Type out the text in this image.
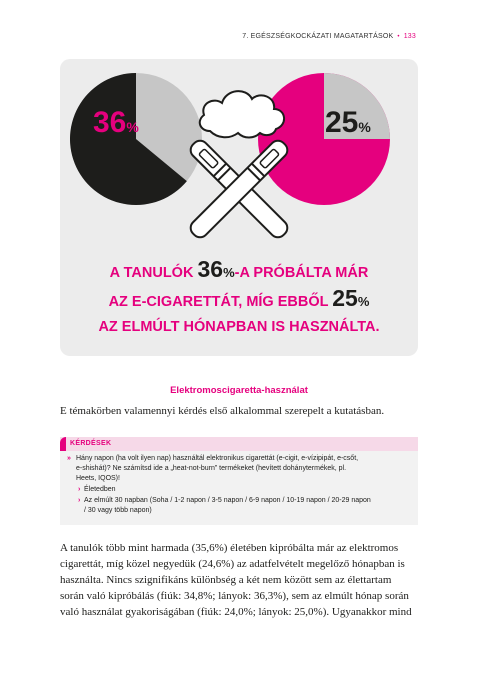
7. EGÉSZSÉGKOCKÁZATI MAGATARTÁSOK • 133
36%	25%
A TANULÓK 36%-A PRÓBÁLTA MÁR
AZ E-CIGARETTÁT, MÍG EBBŐL 25%
AZ ELMÚLT HÓNAPBAN IS HASZNÁLTA.
Elektromoscigaretta-használat
E témakörben valamennyi kérdés első alkalommal szerepelt a kutatásban.
KÉRDÉSEK
» Hány napon (ha volt ilyen nap) használtál elektronikus cigarettát (e-cigit, e-vízipipát, e-csőt,
e-shishát)? Ne számítsd ide a „heat-not-burn” termékeket (hevített dohánytermékek, pl.
Heets, IQOS)!
› Életedben
› Az elmúlt 30 napban (Soha / 1-2 napon / 3-5 napon / 6-9 napon / 10-19 napon / 20-29 napon
/ 30 vagy több napon)
A tanulók több mint harmada (35,6%) életében kipróbálta már az elektromos
cigarettát, míg közel negyedük (24,6%) az adatfelvételt megelőző hónapban is
használta. Nincs szignifikáns különbség a két nem között sem az élettartam
során való kipróbálás (fiúk: 34,8%; lányok: 36,3%), sem az elmúlt hónap során
való használat gyakoriságában (fiúk: 24,0%; lányok: 25,0%). Ugyanakkor mind
